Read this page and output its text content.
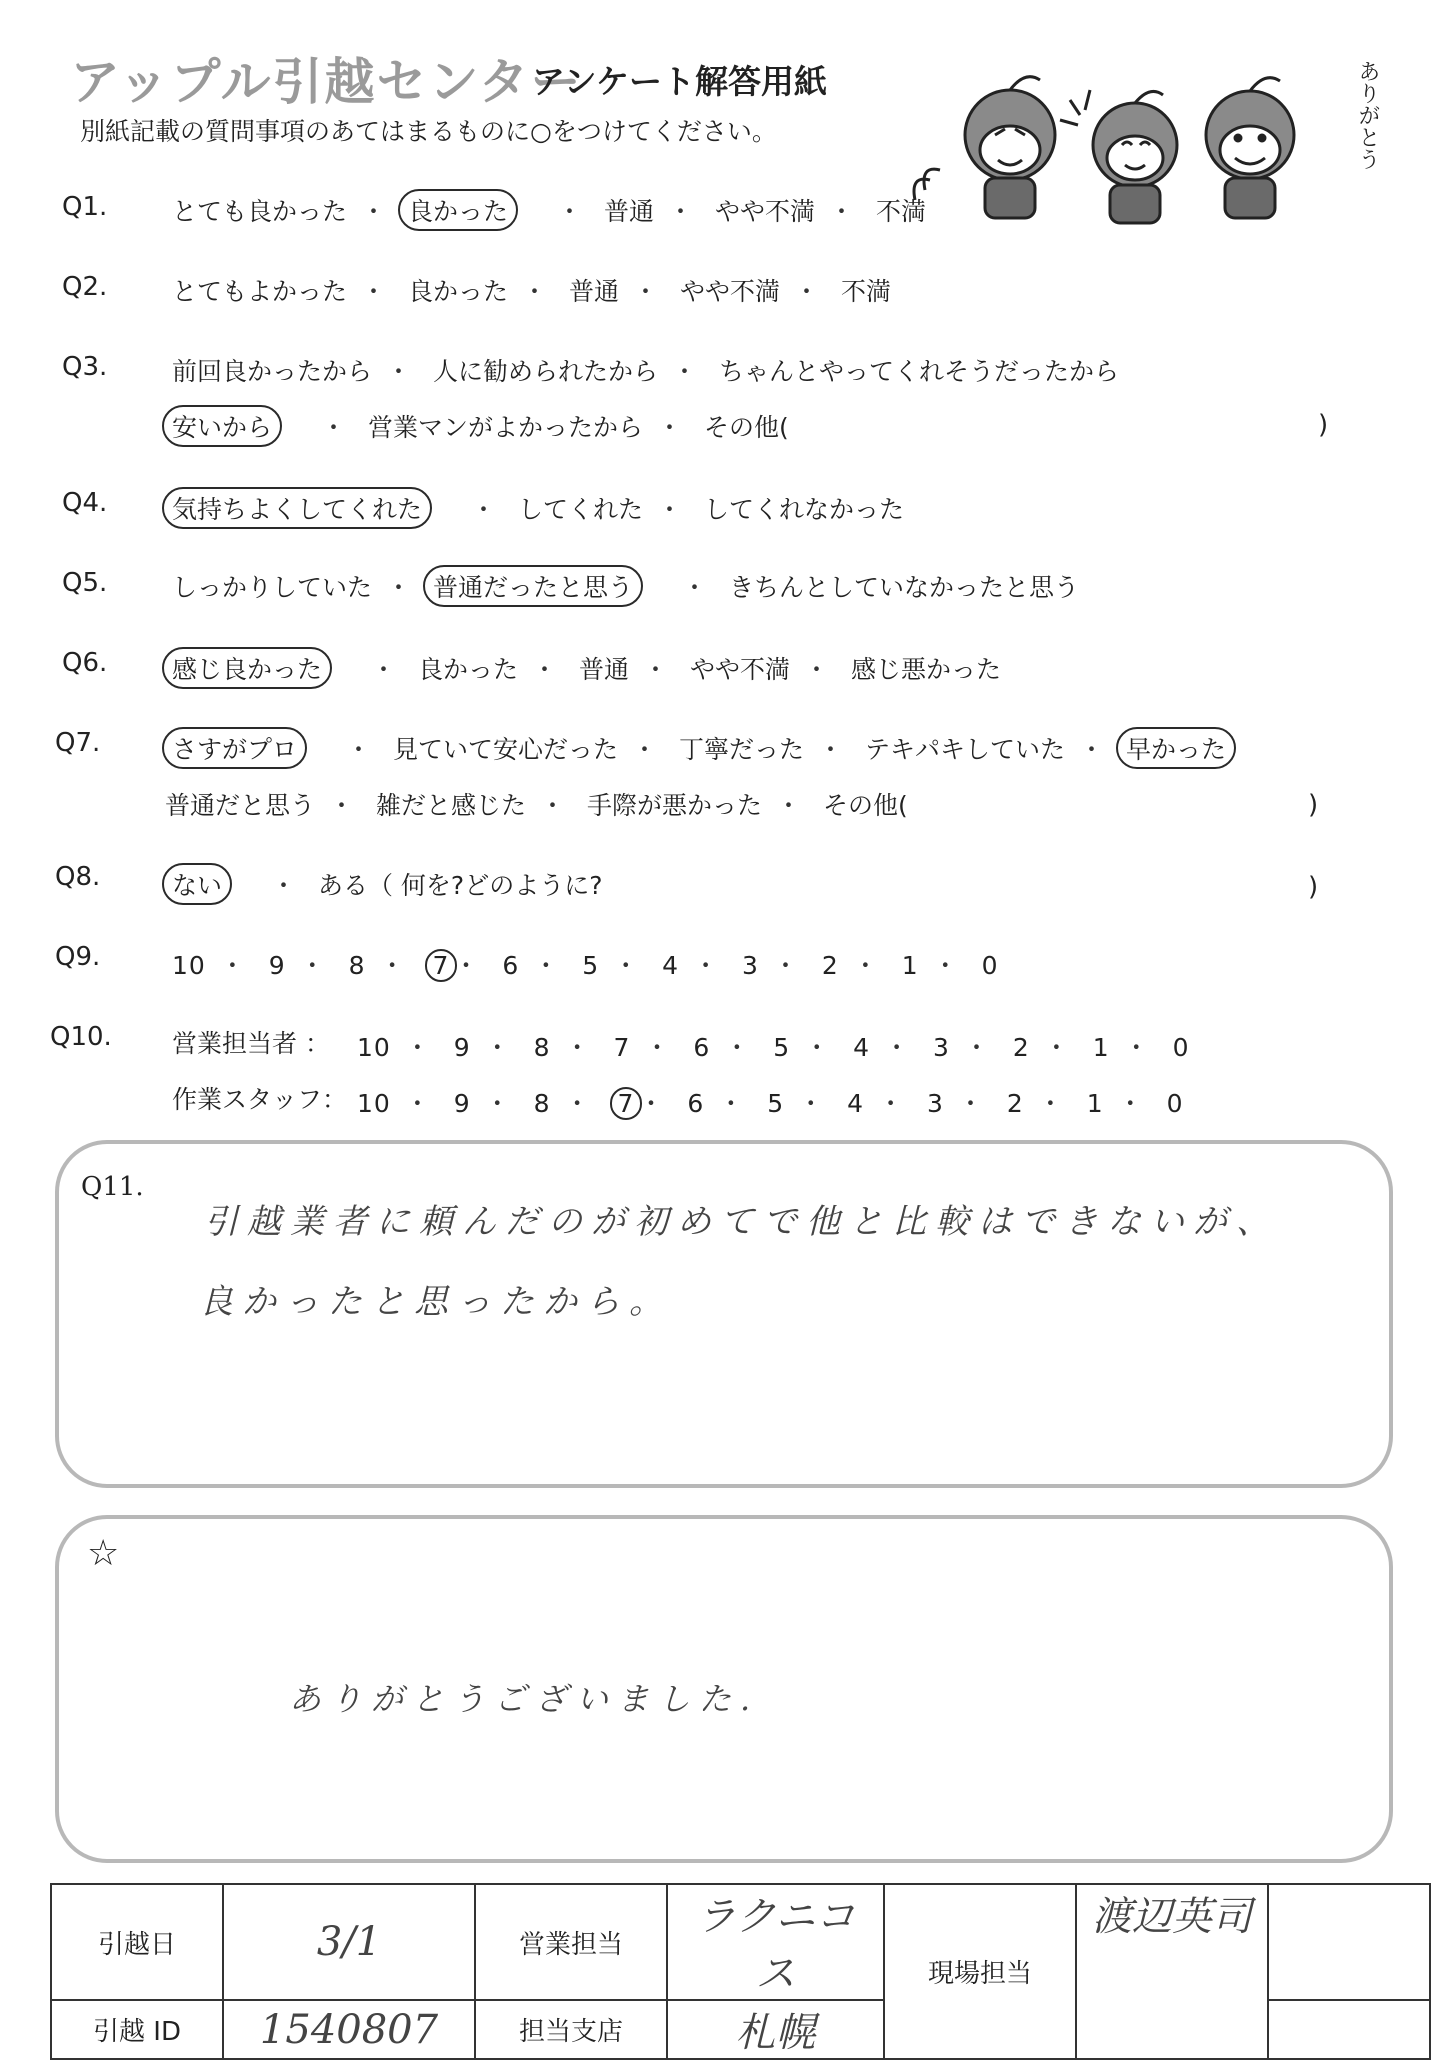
アップル引越センター
アンケート解答用紙
別紙記載の質問事項のあてはまるものに○をつけてください。	ありがとう
Q1.	とても良かった ・ 良かった　・ 普通 ・ やや不満 ・ 不満
Q2.	とてもよかった ・ 良かった ・ 普通 ・ やや不満 ・ 不満
Q3.	前回良かったから ・ 人に勧められたから ・ ちゃんとやってくれそうだったから
安いから　・ 営業マンがよかったから ・ その他(	)
Q4.	気持ちよくしてくれた　・ してくれた ・ してくれなかった
Q5.	しっかりしていた ・ 普通だったと思う　・ きちんとしていなかったと思う
Q6.	感じ良かった　・ 良かった ・ 普通 ・ やや不満 ・ 感じ悪かった
Q7.	さすがプロ　・ 見ていて安心だった ・ 丁寧だった ・ テキパキしていた ・ 早かった
普通だと思う ・ 雑だと感じた ・ 手際が悪かった ・ その他(	)
Q8.	ない　・ ある（ 何を?どのように?	)
Q9.	10 ・ 9 ・ 8 ・ 7 ・ 6 ・ 5 ・ 4 ・ 3 ・ 2 ・ 1 ・ 0
Q10. 営業担当者 ： 10 ・ 9 ・ 8 ・ 7 ・ 6 ・ 5 ・ 4 ・ 3 ・ 2 ・ 1 ・ 0
作業スタッフ： 10 ・ 9 ・ 8 ・ 7 ・ 6 ・ 5 ・ 4 ・ 3 ・ 2 ・ 1 ・ 0
Q11.
引越業者に頼んだのが初めてで他と比較はできないが、
良かったと思ったから。
☆
ありがとうございました.
引越日	3/1	営業担当	ラクニコス	現場担当	渡辺英司	
引越 ID	1540807	担当支店	札幌			
